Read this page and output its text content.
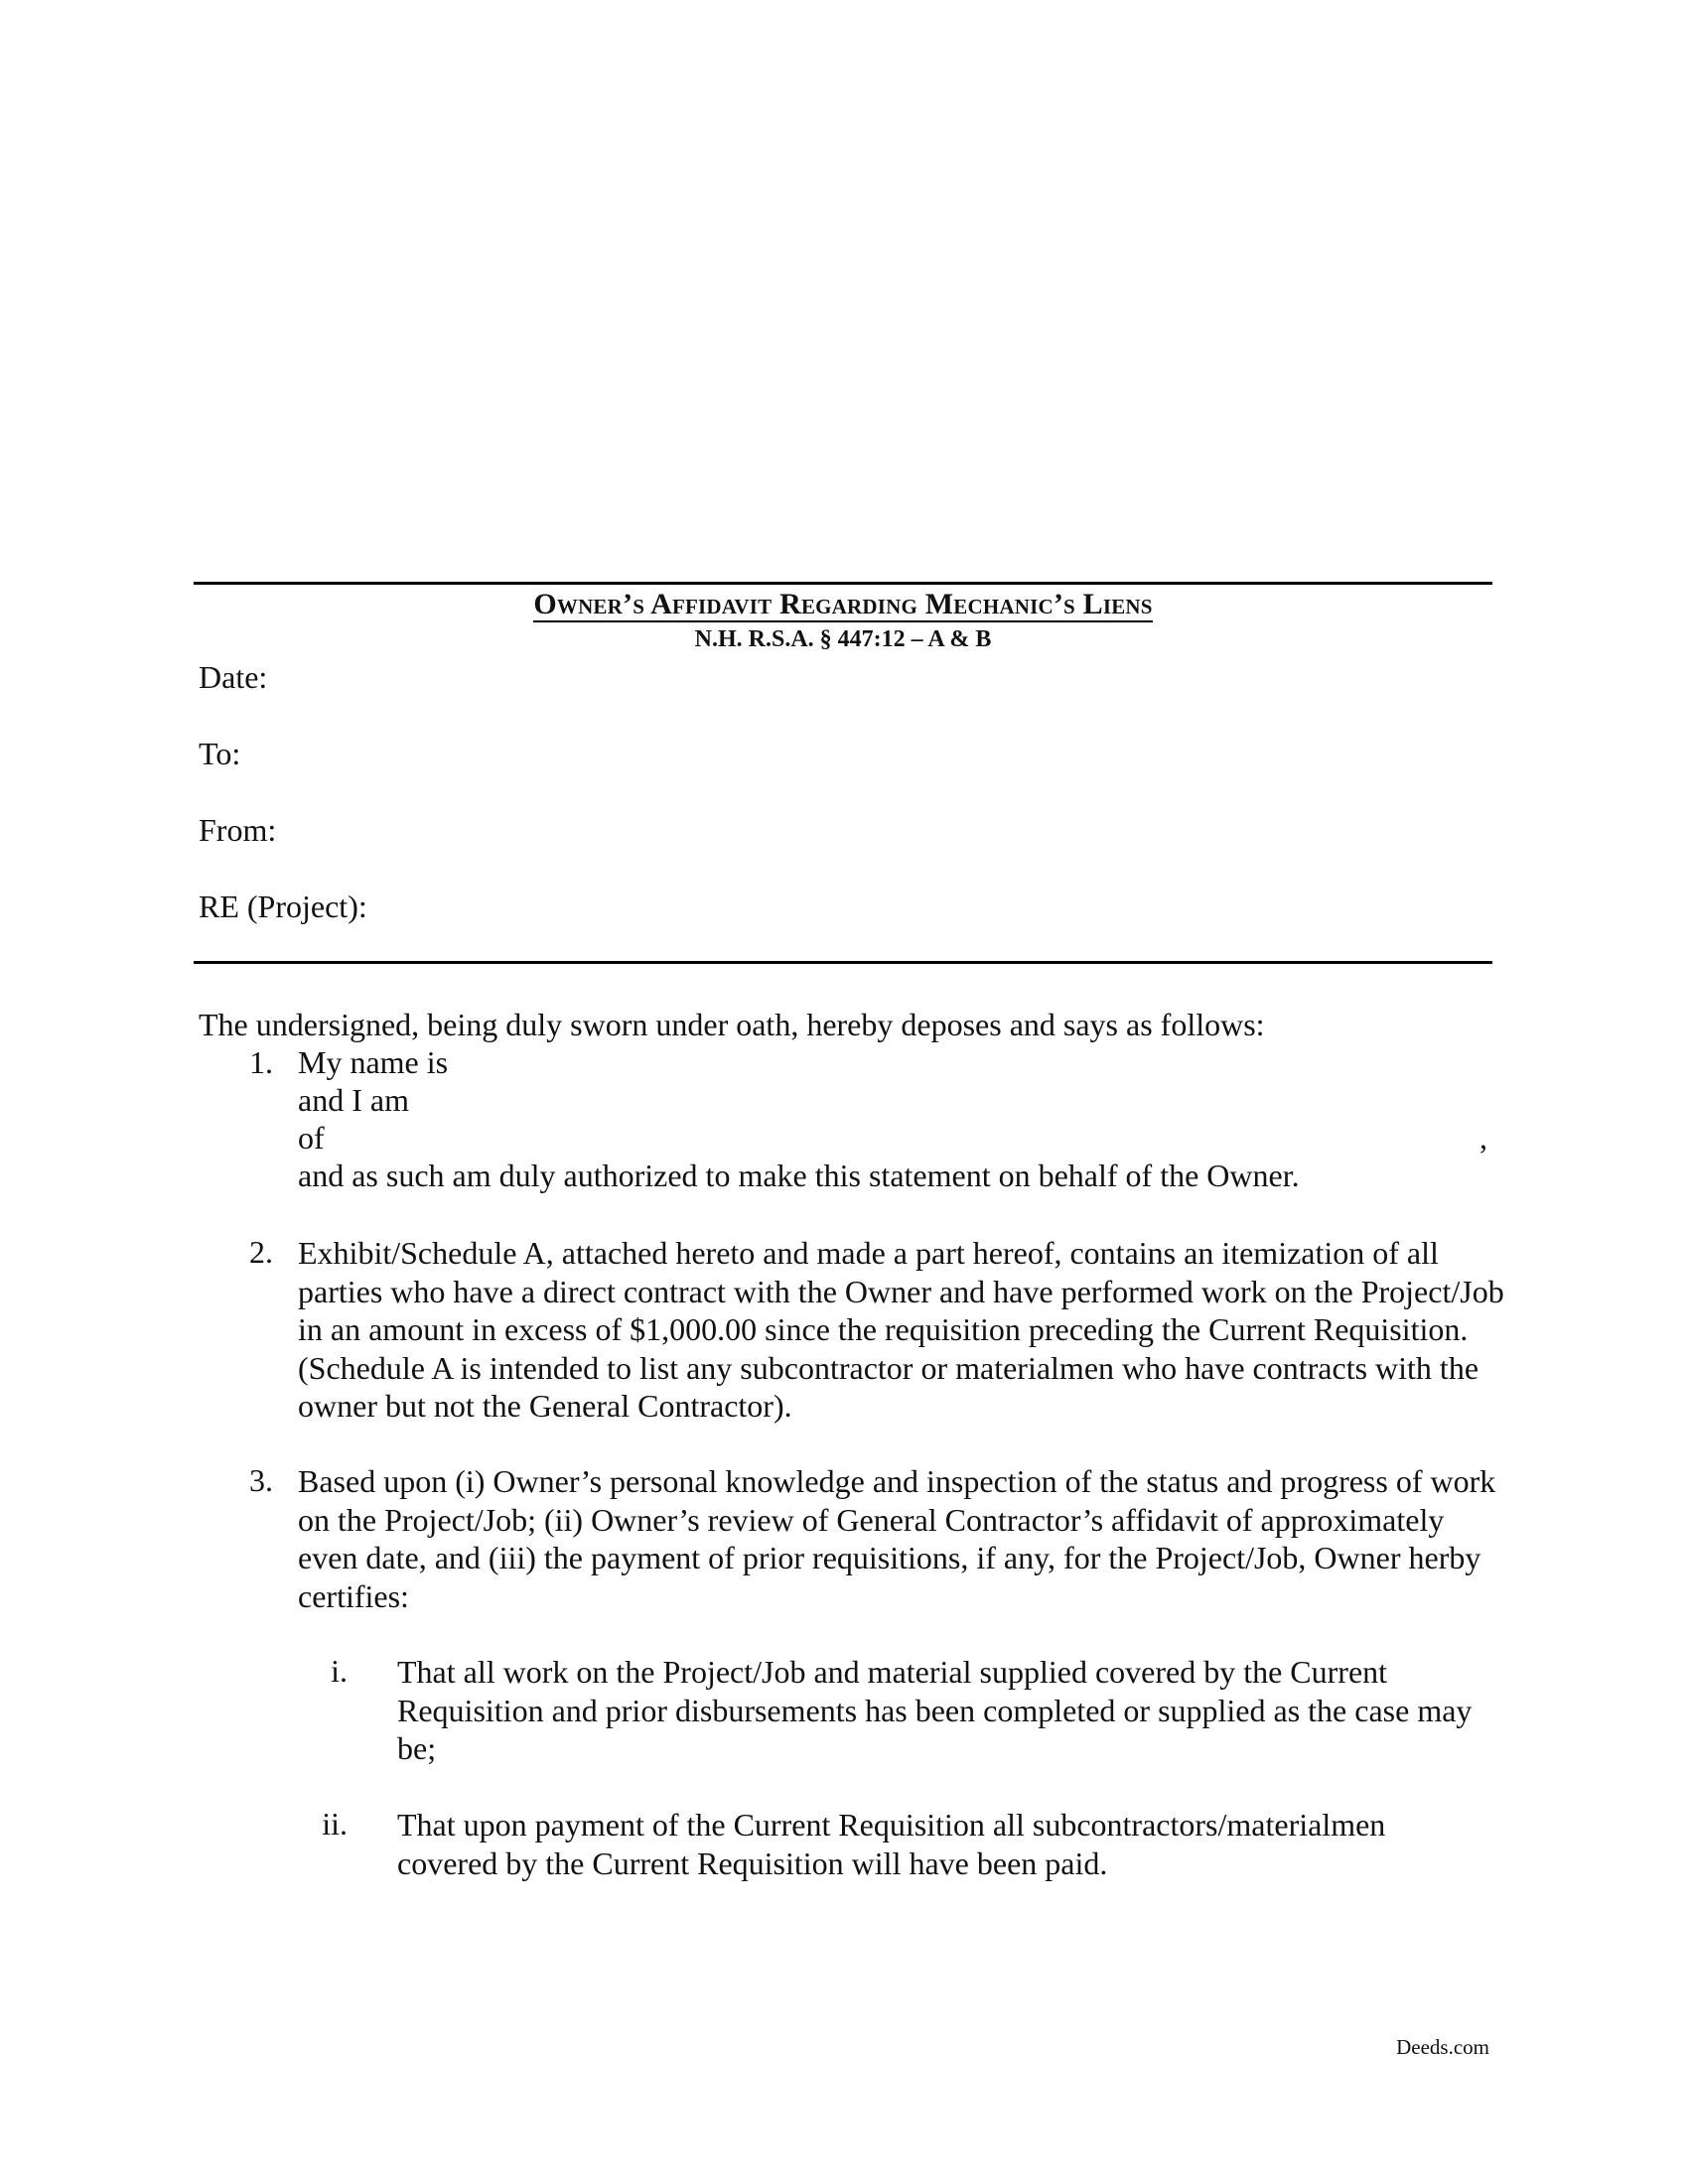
Owner’s Affidavit Regarding Mechanic’s Liens
N.H. R.S.A. § 447:12 – A & B
Date:
To:
From:
RE (Project):
The undersigned, being duly sworn under oath, hereby deposes and says as follows:
1. My name is
and I am
of	,
and as such am duly authorized to make this statement on behalf of the Owner.
2. Exhibit/Schedule A, attached hereto and made a part hereof, contains an itemization of all parties who have a direct contract with the Owner and have performed work on the Project/Job in an amount in excess of $1,000.00 since the requisition preceding the Current Requisition. (Schedule A is intended to list any subcontractor or materialmen who have contracts with the owner but not the General Contractor).
3. Based upon (i) Owner’s personal knowledge and inspection of the status and progress of work on the Project/Job; (ii) Owner’s review of General Contractor’s affidavit of approximately even date, and (iii) the payment of prior requisitions, if any, for the Project/Job, Owner herby certifies:
i. That all work on the Project/Job and material supplied covered by the Current Requisition and prior disbursements has been completed or supplied as the case may be;
ii. That upon payment of the Current Requisition all subcontractors/materialmen covered by the Current Requisition will have been paid.
Deeds.com
